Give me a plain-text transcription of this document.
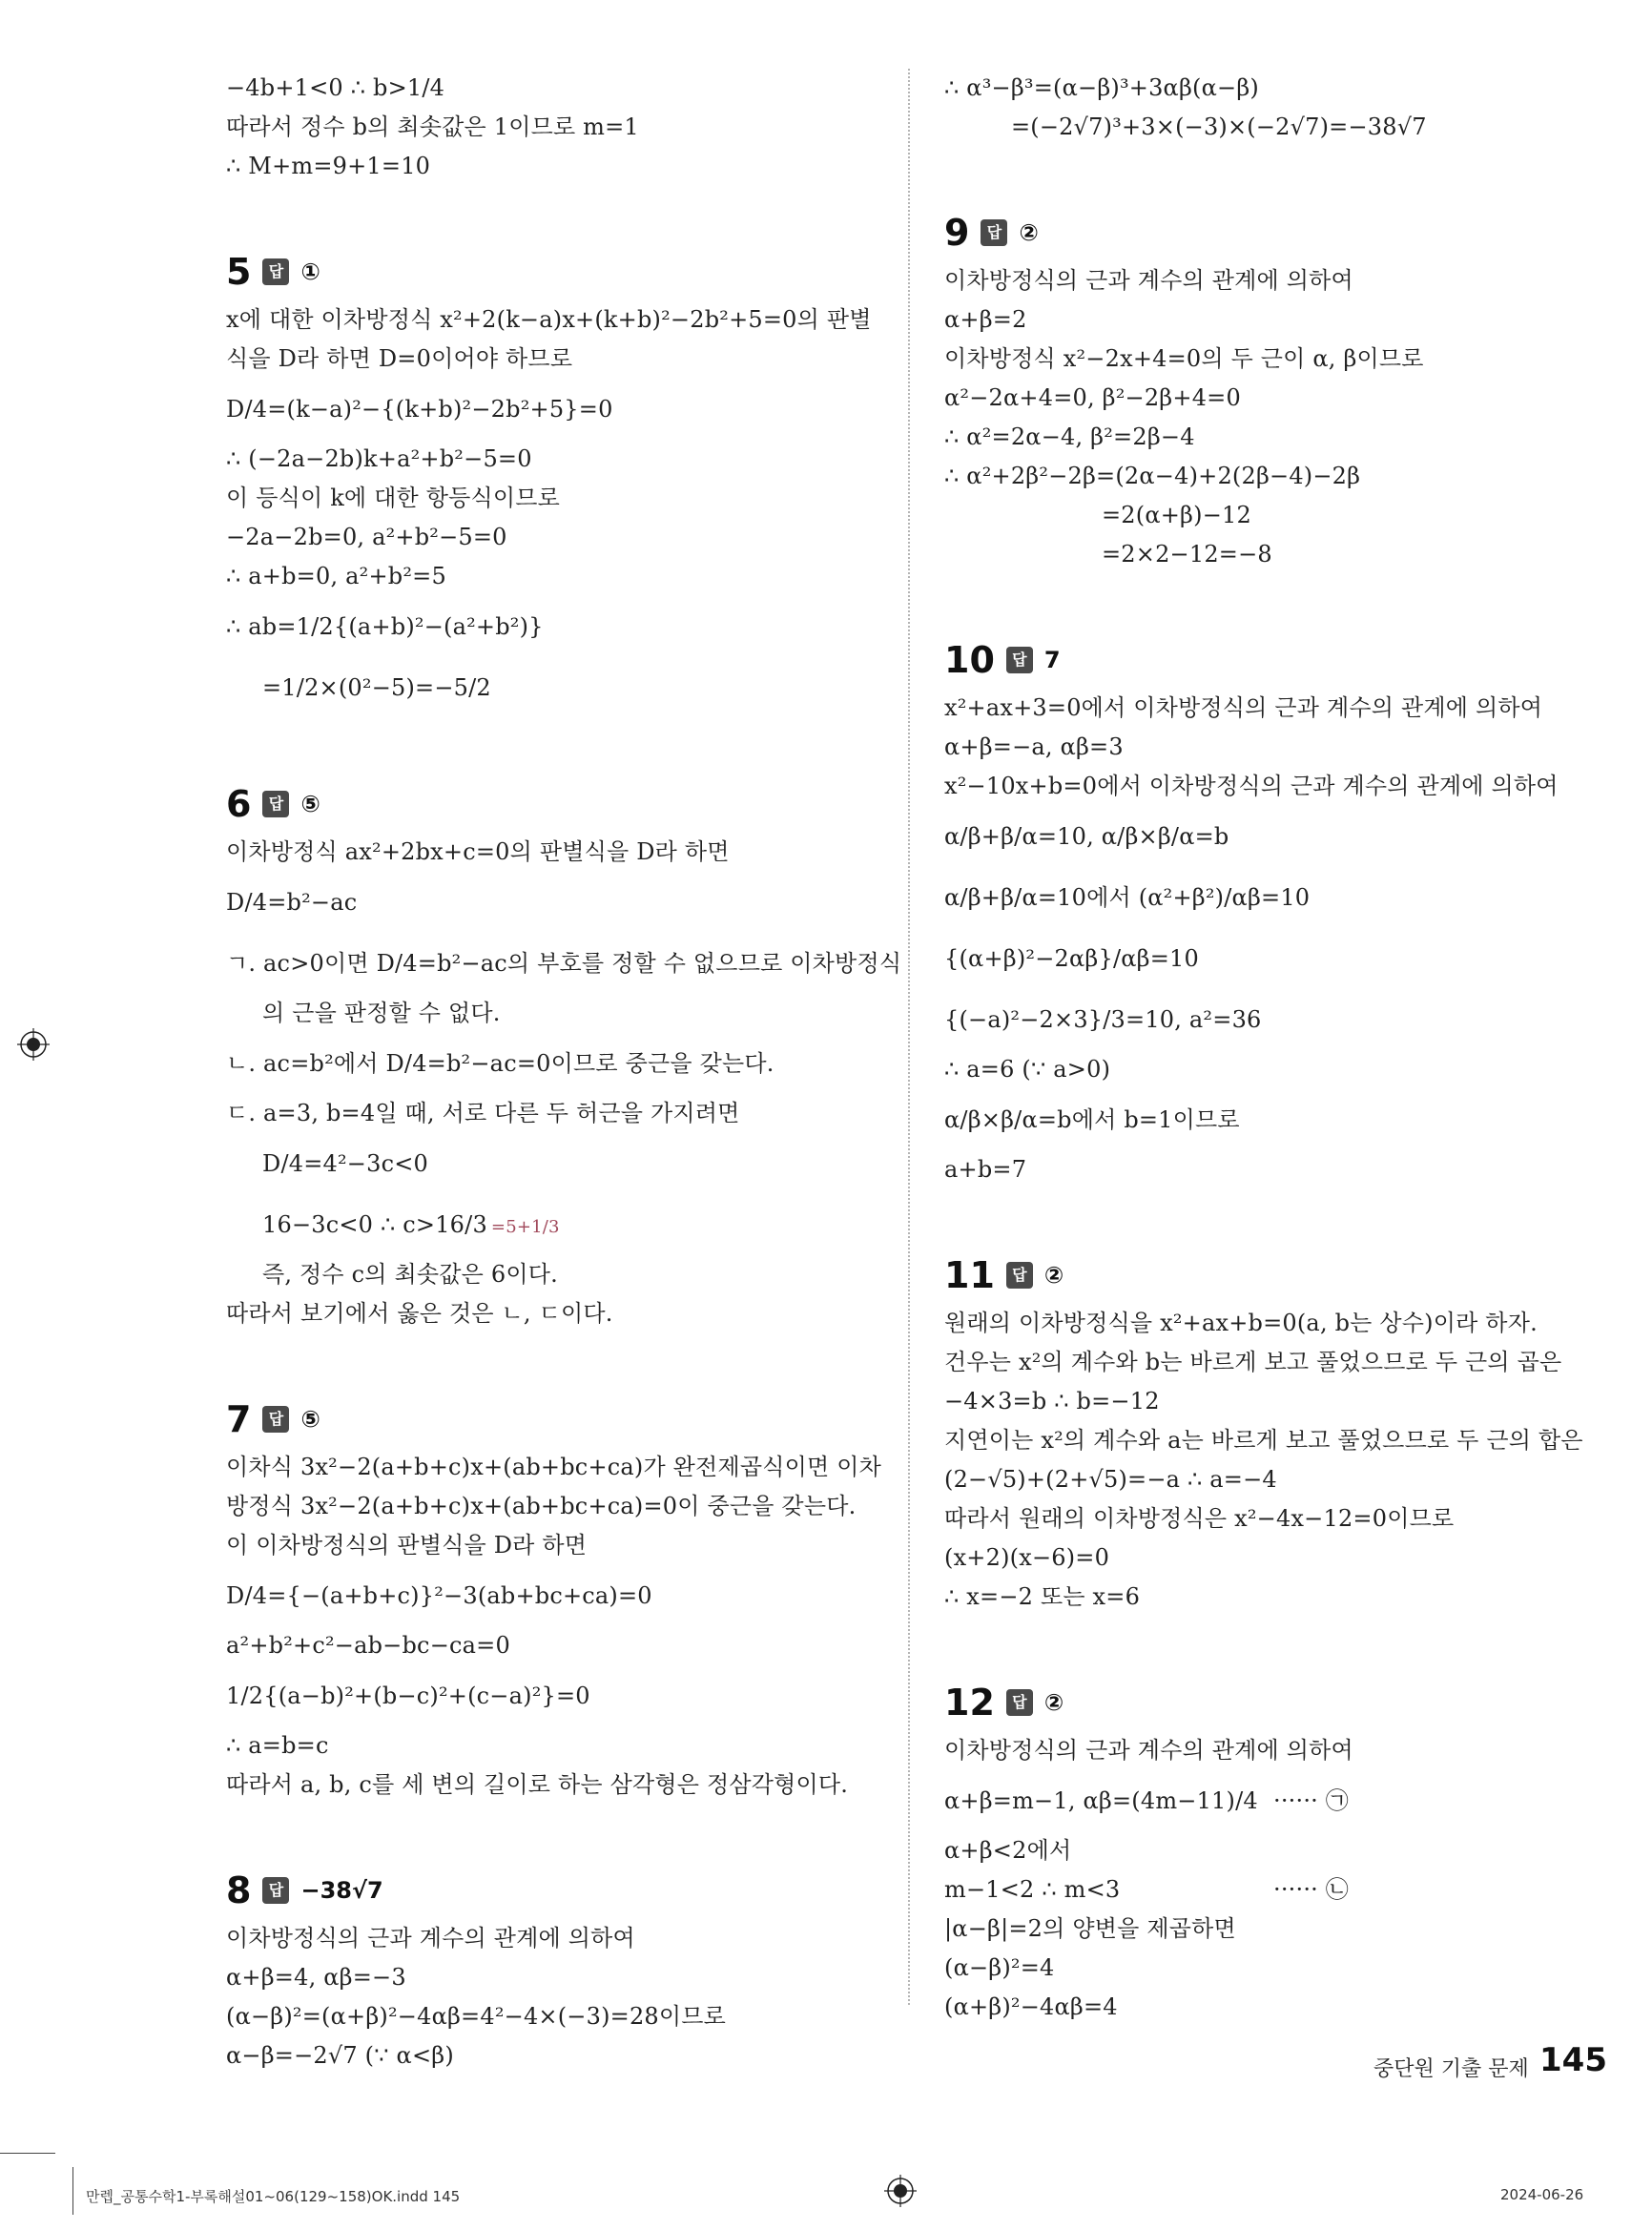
−4b+1<0 ∴ b>1/4
따라서 정수 b의 최솟값은 1이므로 m=1
∴ M+m=9+1=10
5	답 ①
x에 대한 이차방정식 x²+2(k−a)x+(k+b)²−2b²+5=0의 판별
식을 D라 하면 D=0이어야 하므로
D/4=(k−a)²−{(k+b)²−2b²+5}=0
∴ (−2a−2b)k+a²+b²−5=0
이 등식이 k에 대한 항등식이므로
−2a−2b=0, a²+b²−5=0
∴ a+b=0, a²+b²=5
∴ ab=1/2{(a+b)²−(a²+b²)}
=1/2×(0²−5)=−5/2
6	답 ⑤
이차방정식 ax²+2bx+c=0의 판별식을 D라 하면
D/4=b²−ac
ㄱ. ac>0이면 D/4=b²−ac의 부호를 정할 수 없으므로 이차방정식
의 근을 판정할 수 없다.
ㄴ. ac=b²에서 D/4=b²−ac=0이므로 중근을 갖는다.
ㄷ. a=3, b=4일 때, 서로 다른 두 허근을 가지려면
D/4=4²−3c<0
16−3c<0 ∴ c>16/3 =5+1/3
즉, 정수 c의 최솟값은 6이다.
따라서 보기에서 옳은 것은 ㄴ, ㄷ이다.
7	답 ⑤
이차식 3x²−2(a+b+c)x+(ab+bc+ca)가 완전제곱식이면 이차
방정식 3x²−2(a+b+c)x+(ab+bc+ca)=0이 중근을 갖는다.
이 이차방정식의 판별식을 D라 하면
D/4={−(a+b+c)}²−3(ab+bc+ca)=0
a²+b²+c²−ab−bc−ca=0
1/2{(a−b)²+(b−c)²+(c−a)²}=0
∴ a=b=c
따라서 a, b, c를 세 변의 길이로 하는 삼각형은 정삼각형이다.
8	답 −38√7
이차방정식의 근과 계수의 관계에 의하여
α+β=4, αβ=−3
(α−β)²=(α+β)²−4αβ=4²−4×(−3)=28이므로
α−β=−2√7 (∵ α<β)
∴ α³−β³=(α−β)³+3αβ(α−β)
=(−2√7)³+3×(−3)×(−2√7)=−38√7
9	답 ②
이차방정식의 근과 계수의 관계에 의하여
α+β=2
이차방정식 x²−2x+4=0의 두 근이 α, β이므로
α²−2α+4=0, β²−2β+4=0
∴ α²=2α−4, β²=2β−4
∴ α²+2β²−2β=(2α−4)+2(2β−4)−2β
=2(α+β)−12
=2×2−12=−8
10	답 7
x²+ax+3=0에서 이차방정식의 근과 계수의 관계에 의하여
α+β=−a, αβ=3
x²−10x+b=0에서 이차방정식의 근과 계수의 관계에 의하여
α/β+β/α=10, α/β×β/α=b
α/β+β/α=10에서 (α²+β²)/αβ=10
{(α+β)²−2αβ}/αβ=10
{(−a)²−2×3}/3=10, a²=36
∴ a=6 (∵ a>0)
α/β×β/α=b에서 b=1이므로
a+b=7
11	답 ②
원래의 이차방정식을 x²+ax+b=0(a, b는 상수)이라 하자.
건우는 x²의 계수와 b는 바르게 보고 풀었으므로 두 근의 곱은
−4×3=b ∴ b=−12
지연이는 x²의 계수와 a는 바르게 보고 풀었으므로 두 근의 합은
(2−√5)+(2+√5)=−a ∴ a=−4
따라서 원래의 이차방정식은 x²−4x−12=0이므로
(x+2)(x−6)=0
∴ x=−2 또는 x=6
12	답 ②
이차방정식의 근과 계수의 관계에 의하여
α+β=m−1, αβ=(4m−11)/4 ······ ㉠
α+β<2에서
m−1<2 ∴ m<3	······ ㉡
|α−β|=2의 양변을 제곱하면
(α−β)²=4
(α+β)²−4αβ=4
중단원 기출 문제 145
만렙_공통수학1-부록해설01~06(129~158)OK.indd 145	2024-06-26
